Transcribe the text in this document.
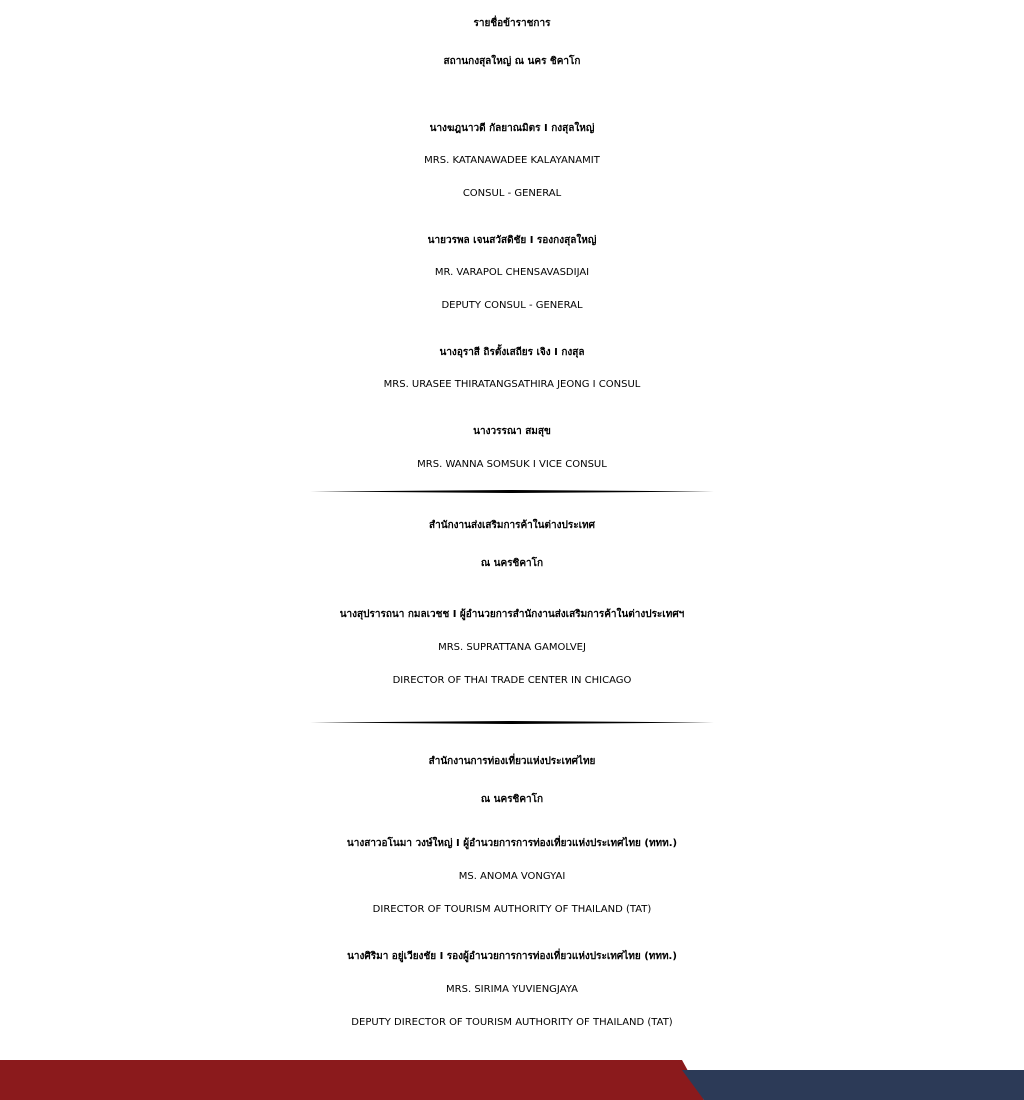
รายชื่อข้าราชการ
สถานกงสุลใหญ่ ณ นคร ชิคาโก
นางฆฎนาวดี กัลยาณมิตร I กงสุลใหญ่
MRS. KATANAWADEE KALAYANAMIT
CONSUL - GENERAL
นายวรพล เจนสวัสดิชัย I รองกงสุลใหญ่
MR. VARAPOL CHENSAVASDIJAI
DEPUTY CONSUL - GENERAL
นางอุราสี ถิรตั้งเสถียร เจิง I กงสุล
MRS. URASEE THIRATANGSATHIRA JEONG I CONSUL
นางวรรณา สมสุข
MRS. WANNA SOMSUK I VICE CONSUL
สำนักงานส่งเสริมการค้าในต่างประเทศ
ณ นครชิคาโก
นางสุปรารถนา กมลเวชช I ผู้อำนวยการสำนักงานส่งเสริมการค้าในต่างประเทศฯ
MRS. SUPRATTANA GAMOLVEJ
DIRECTOR OF THAI TRADE CENTER IN CHICAGO
สำนักงานการท่องเที่ยวแห่งประเทศไทย
ณ นครชิคาโก
นางสาวอโนมา วงษ์ใหญ่ I ผู้อำนวยการการท่องเที่ยวแห่งประเทศไทย (ททท.)
MS. ANOMA VONGYAI
DIRECTOR OF TOURISM AUTHORITY OF THAILAND (TAT)
นางศิริมา อยู่เวียงชัย I รองผู้อำนวยการการท่องเที่ยวแห่งประเทศไทย (ททท.)
MRS. SIRIMA YUVIENGJAYA
DEPUTY DIRECTOR OF TOURISM AUTHORITY OF THAILAND (TAT)
